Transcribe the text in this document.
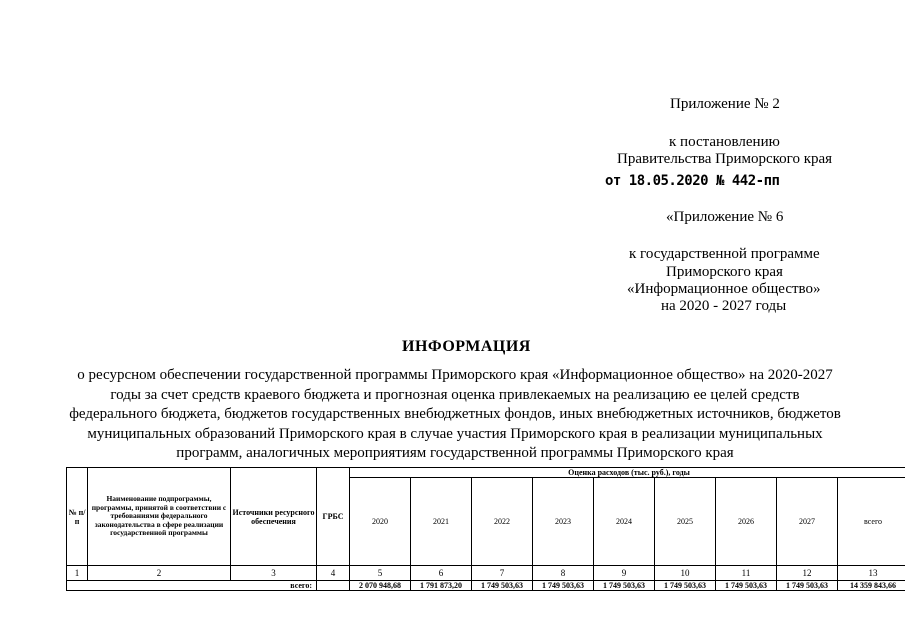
Приложение № 2
к постановлению
Правительства Приморского края
от 18.05.2020 № 442-пп
«Приложение № 6
к государственной программе
Приморского края
«Информационное общество»
на 2020 - 2027 годы
ИНФОРМАЦИЯ
о ресурсном обеспечении государственной программы Приморского края «Информационное общество» на 2020-2027
годы за счет средств краевого бюджета и прогнозная оценка привлекаемых на реализацию ее целей средств
федерального бюджета, бюджетов государственных внебюджетных фондов, иных внебюджетных источников, бюджетов
муниципальных образований Приморского края в случае участия Приморского края в реализации муниципальных
программ, аналогичных мероприятиям государственной программы Приморского края
№ п/п	Наименование подпрограммы, программы, принятой в соответствии с требованиями федерального законодательства в сфере реализации государственной программы	Источники ресурсного обеспечения	ГРБС	Оценка расходов (тыс. руб.), годы								
				2020	2021	2022	2023	2024	2025	2026	2027	всего
1	2	3	4	5	6	7	8	9	10	11	12	13
всего:				2 070 948,68	1 791 873,20	1 749 503,63	1 749 503,63	1 749 503,63	1 749 503,63	1 749 503,63	1 749 503,63	14 359 843,66
